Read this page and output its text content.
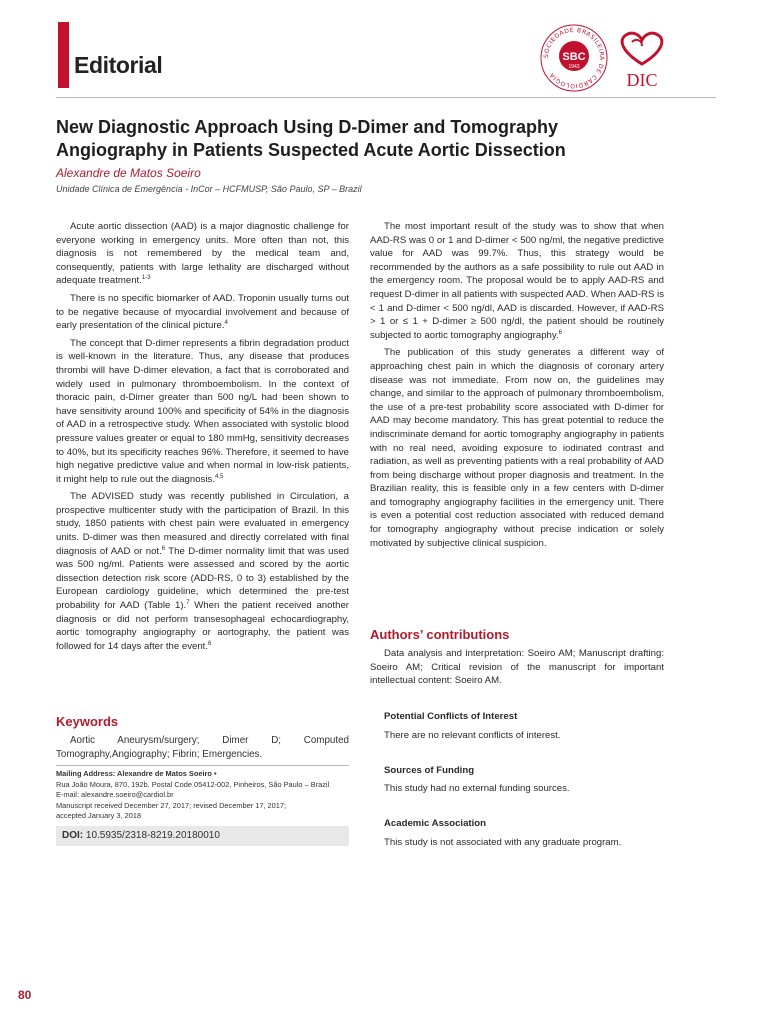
Editorial	SOCIEDADE BRASILEIRA DE CARDIOLOGIA
SBC
1943
DIC
New Diagnostic Approach Using D-Dimer and Tomography Angiography in Patients Suspected Acute Aortic Dissection
Alexandre de Matos Soeiro
Unidade Clínica de Emergência - InCor – HCFMUSP, São Paulo, SP – Brazil

Acute aortic dissection (AAD) is a major diagnostic challenge for everyone working in emergency units. More often than not, this diagnosis is not remembered by the medical team and, consequently, patients with large lethality are discharged without adequate treatment.$^{1-3}$

There is no specific biomarker of AAD. Troponin usually turns out to be negative because of myocardial involvement and because of early presentation of the clinical picture.$^4$

The concept that D-dimer represents a fibrin degradation product is well-known in the literature. Thus, any disease that produces thrombi will have D-dimer elevation, a fact that is corroborated and widely used in pulmonary thromboembolism. In the context of thoracic pain, d-Dimer greater than 500 ng/L had been shown to have sensitivity around 100% and specificity of 54% in the diagnosis of AAD in a retrospective study. When associated with systolic blood pressure values greater or equal to 180 mmHg, sensitivity decreases to 40%, but its specificity reaches 96%. Therefore, it seemed to have high negative predictive value and when normal in low-risk patients, it might help to rule out the diagnosis.$^{4,5}$

The ADVISED study was recently published in Circulation, a prospective multicenter study with the participation of Brazil. In this study, 1850 patients with chest pain were evaluated in emergency units. D-dimer was then measured and directly correlated with final diagnosis of AAD or not.$^6$ The D-dimer normality limit that was used was 500 ng/ml. Patients were assessed and scored by the aortic dissection detection risk score (ADD-RS, 0 to 3) established by the European cardiology guideline, which determined the pre-test probability for AAD (Table 1).$^7$ When the patient received another diagnosis or did not perform transesophageal echocardiography, aortic tomography angiography or aortography, the patient was followed for 14 days after the event.$^6$

The most important result of the study was to show that when AAD-RS was 0 or 1 and D-dimer < 500 ng/ml, the negative predictive value for AAD was 99.7%. Thus, this strategy would be recommended by the authors as a safe possibility to rule out AAD in the emergency room. The proposal would be to apply AAD-RS and request D-dimer in all patients with suspected AAD. When AAD-RS is < 1 and D-dimer < 500 ng/dl, AAD is discarded. However, if AAD-RS > 1 or ≤ 1 + D-dimer ≥ 500 ng/dl, the patient should be routinely subjected to aortic tomography angiography.$^6$

The publication of this study generates a different way of approaching chest pain in which the diagnosis of coronary artery disease was not immediate. From now on, the guidelines may change, and similar to the approach of pulmonary thromboembolism, the use of a pre-test probability score associated with D-dimer for AAD may become mandatory. This has great potential to reduce the indiscriminate demand for aortic tomography angiography in patients with no real need, avoiding exposure to iodinated contrast and radiation, as well as preventing patients with a real probability of AAD from being discharge without proper diagnosis and treatment. In the Brazilian reality, this is feasible only in a few centers with D-dimer and tomography angiography facilities in the emergency unit. There is even a potential cost reduction associated with reduced demand for tomography angiography without precise indication or solely motivated by subjective clinical suspicion.

Authors’ contributions
Data analysis and interpretation: Soeiro AM; Manuscript drafting: Soeiro AM; Critical revision of the manuscript for important intellectual content: Soeiro AM.
Keywords
Aortic Aneurysm/surgery; Dimer D; Computed Tomography,Angiography; Fibrin; Emergencies.
Mailing Address: Alexandre de Matos Soeiro •
Rua João Moura, 870, 192b. Postal Code 05412-002, Pinheiros, São Paulo – Brazil
E-mail: alexandre.soeiro@cardiol.br
Manuscript received December 27, 2017; revised December 17, 2017;
accepted January 3, 2018
DOI: 10.5935/2318-8219.20180010
Potential Conflicts of Interest
There are no relevant conflicts of interest.
Sources of Funding
This study had no external funding sources.
Academic Association
This study is not associated with any graduate program.
80
